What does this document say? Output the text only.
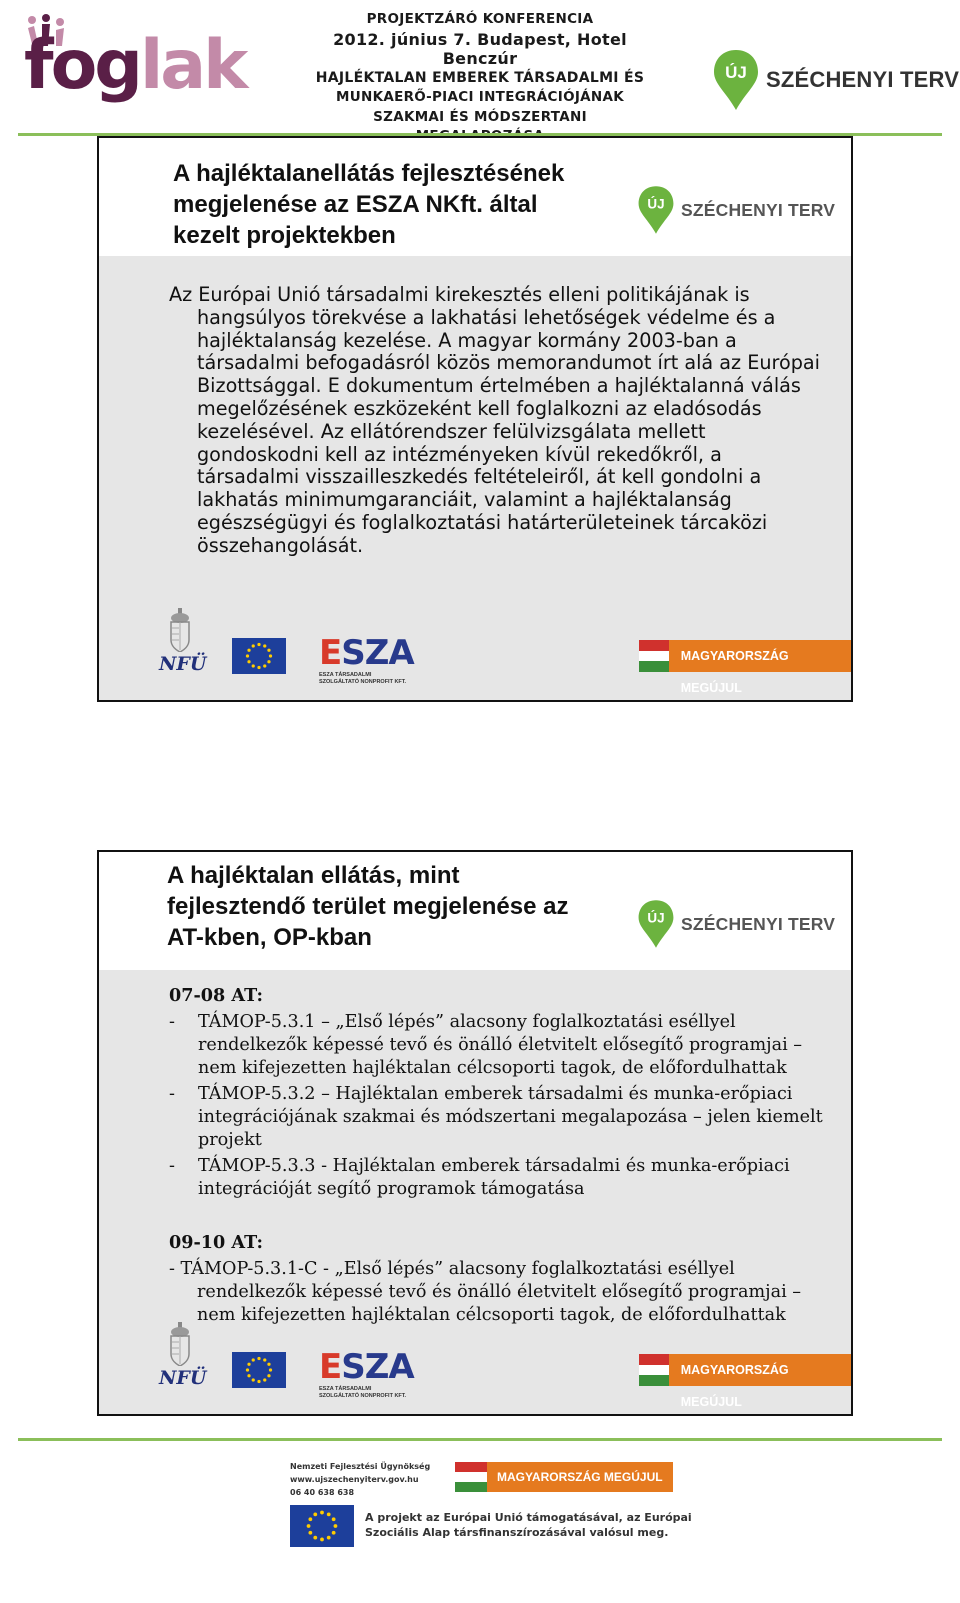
foglak
PROJEKTZÁRÓ KONFERENCIA
2012. június 7. Budapest, Hotel Benczúr
HAJLÉKTALAN EMBEREK TÁRSADALMI ÉS
MUNKAERŐ-PIACI INTEGRÁCIÓJÁNAK
SZAKMAI ÉS MÓDSZERTANI
ÚJ SZÉCHENYI TERV
A hajléktalanellátás fejlesztésének
megjelenése az ESZA NKft. által
kezelt projektekben
ÚJ SZÉCHENYI TERV

Az Európai Unió társadalmi kirekesztés elleni politikájának is hangsúlyos törekvése a lakhatási lehetőségek védelme és a hajléktalanság kezelése. A magyar kormány 2003-ban a társadalmi befogadásról közös memorandumot írt alá az Európai Bizottsággal. E dokumentum értelmében a hajléktalanná válás megelőzésének eszközeként kell foglalkozni az eladósodás kezelésével. Az ellátórendszer felülvizsgálata mellett gondoskodni kell az intézményeken kívül rekedőkről, a társadalmi visszailleszkedés feltételeiről, át kell gondolni a lakhatás minimumgaranciáit, valamint a hajléktalanság egészségügyi és foglalkoztatási határterületeinek tárcaközi összehangolását.

NFÜ	ESZA
ESZA TÁRSADALMI SZOLGÁLTATÓ NONPROFIT KFT.
MAGYARORSZÁG MEGÚJUL
A hajléktalan ellátás, mint
fejlesztendő terület megjelenése az
AT-kben, OP-kban
ÚJ SZÉCHENYI TERV
07-08 AT:
-	TÁMOP-5.3.1 – „Első lépés” alacsony foglalkoztatási eséllyel rendelkezők képessé tevő és önálló életvitelt elősegítő programjai – nem kifejezetten hajléktalan célcsoporti tagok, de előfordulhattak
-	TÁMOP-5.3.2 – Hajléktalan emberek társadalmi és munka-erőpiaci integrációjának szakmai és módszertani megalapozása – jelen kiemelt projekt
-	TÁMOP-5.3.3 - Hajléktalan emberek társadalmi és munka-erőpiaci integrációját segítő programok támogatása
09-10 AT:

- TÁMOP-5.3.1-C - „Első lépés” alacsony foglalkoztatási eséllyel rendelkezők képessé tevő és önálló életvitelt elősegítő programjai – nem kifejezetten hajléktalan célcsoporti tagok, de előfordulhattak

NFÜ	ESZA
ESZA TÁRSADALMI SZOLGÁLTATÓ NONPROFIT KFT.
MAGYARORSZÁG MEGÚJUL
Nemzeti Fejlesztési Ügynökség
www.ujszechenyiterv.gov.hu
06 40 638 638
MAGYARORSZÁG MEGÚJUL
A projekt az Európai Unió támogatásával, az Európai
Szociális Alap társfinanszírozásával valósul meg.
